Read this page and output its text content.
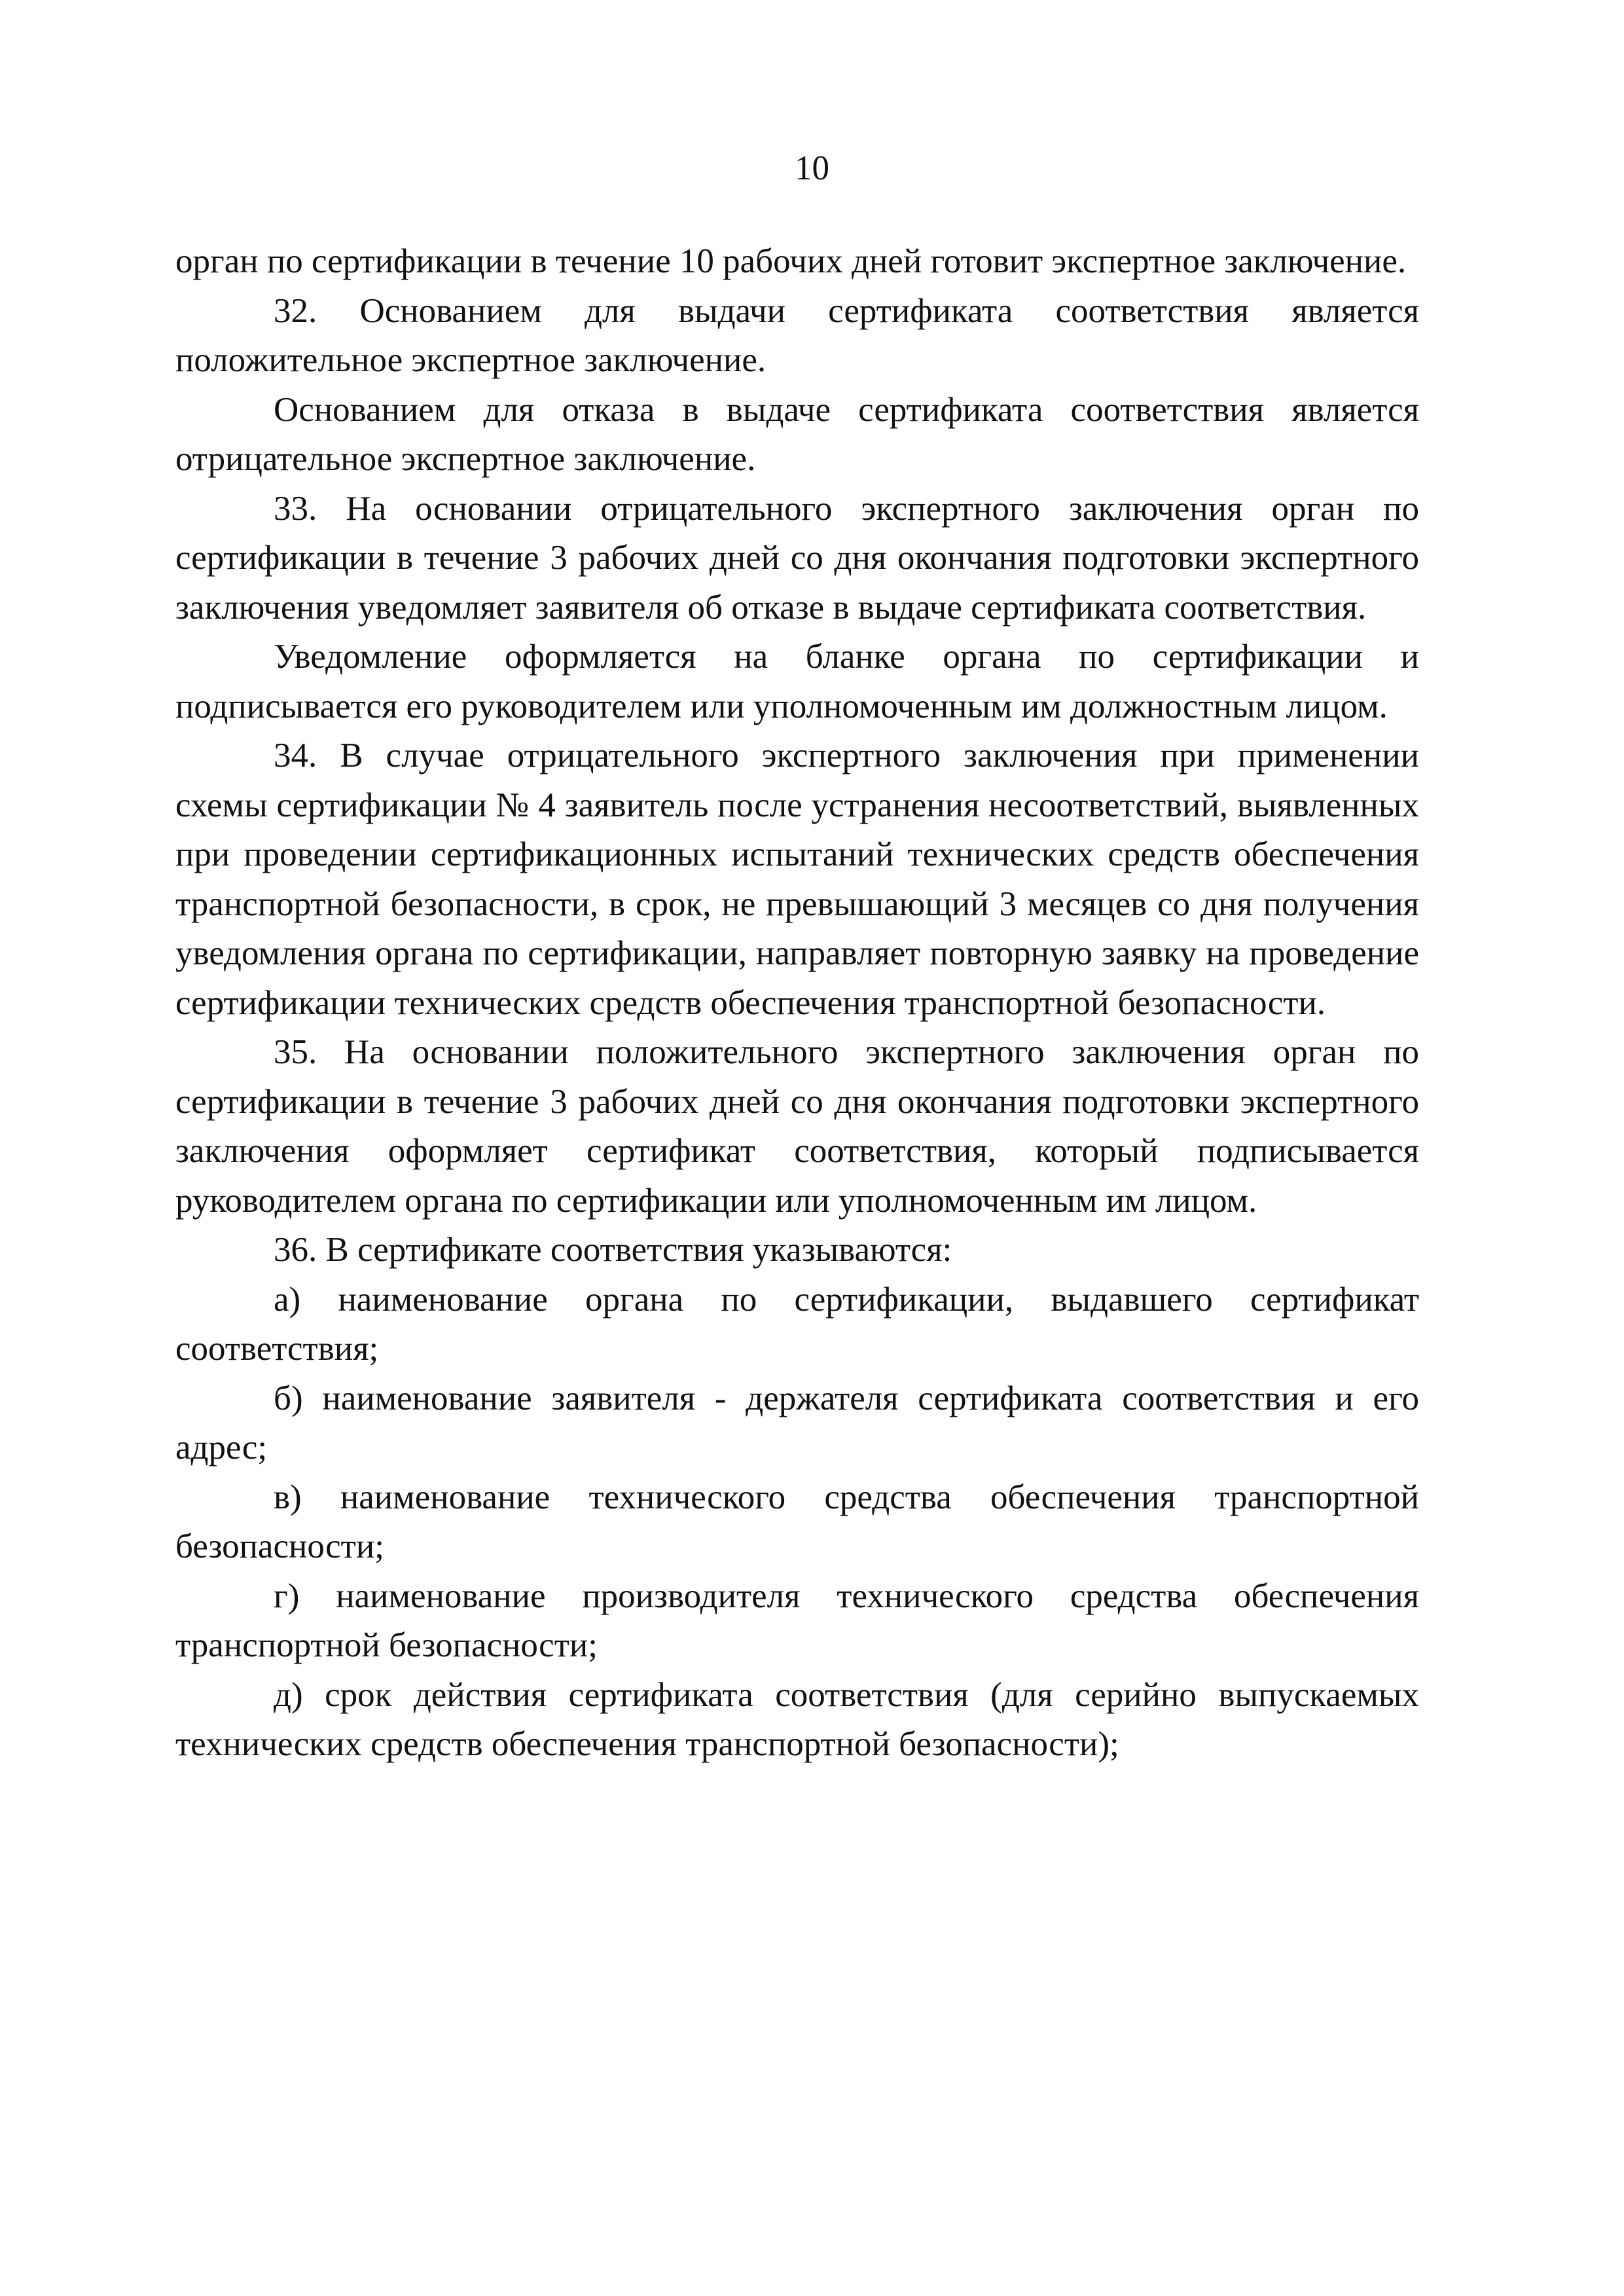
10

орган по сертификации в течение 10 рабочих дней готовит экспертное заключение.

32. Основанием для выдачи сертификата соответствия является положительное экспертное заключение.

Основанием для отказа в выдаче сертификата соответствия является отрицательное экспертное заключение.

33. На основании отрицательного экспертного заключения орган по сертификации в течение 3 рабочих дней со дня окончания подготовки экспертного заключения уведомляет заявителя об отказе в выдаче сертификата соответствия.

Уведомление оформляется на бланке органа по сертификации и подписывается его руководителем или уполномоченным им должностным лицом.

34. В случае отрицательного экспертного заключения при применении схемы сертификации № 4 заявитель после устранения несоответствий, выявленных при проведении сертификационных испытаний технических средств обеспечения транспортной безопасности, в срок, не превышающий 3 месяцев со дня получения уведомления органа по сертификации, направляет повторную заявку на проведение сертификации технических средств обеспечения транспортной безопасности.

35. На основании положительного экспертного заключения орган по сертификации в течение 3 рабочих дней со дня окончания подготовки экспертного заключения оформляет сертификат соответствия, который подписывается руководителем органа по сертификации или уполномоченным им лицом.

36. В сертификате соответствия указываются:

а) наименование органа по сертификации, выдавшего сертификат соответствия;

б) наименование заявителя - держателя сертификата соответствия и его адрес;

в) наименование технического средства обеспечения транспортной безопасности;

г) наименование производителя технического средства обеспечения транспортной безопасности;

д) срок действия сертификата соответствия (для серийно выпускаемых технических средств обеспечения транспортной безопасности);
